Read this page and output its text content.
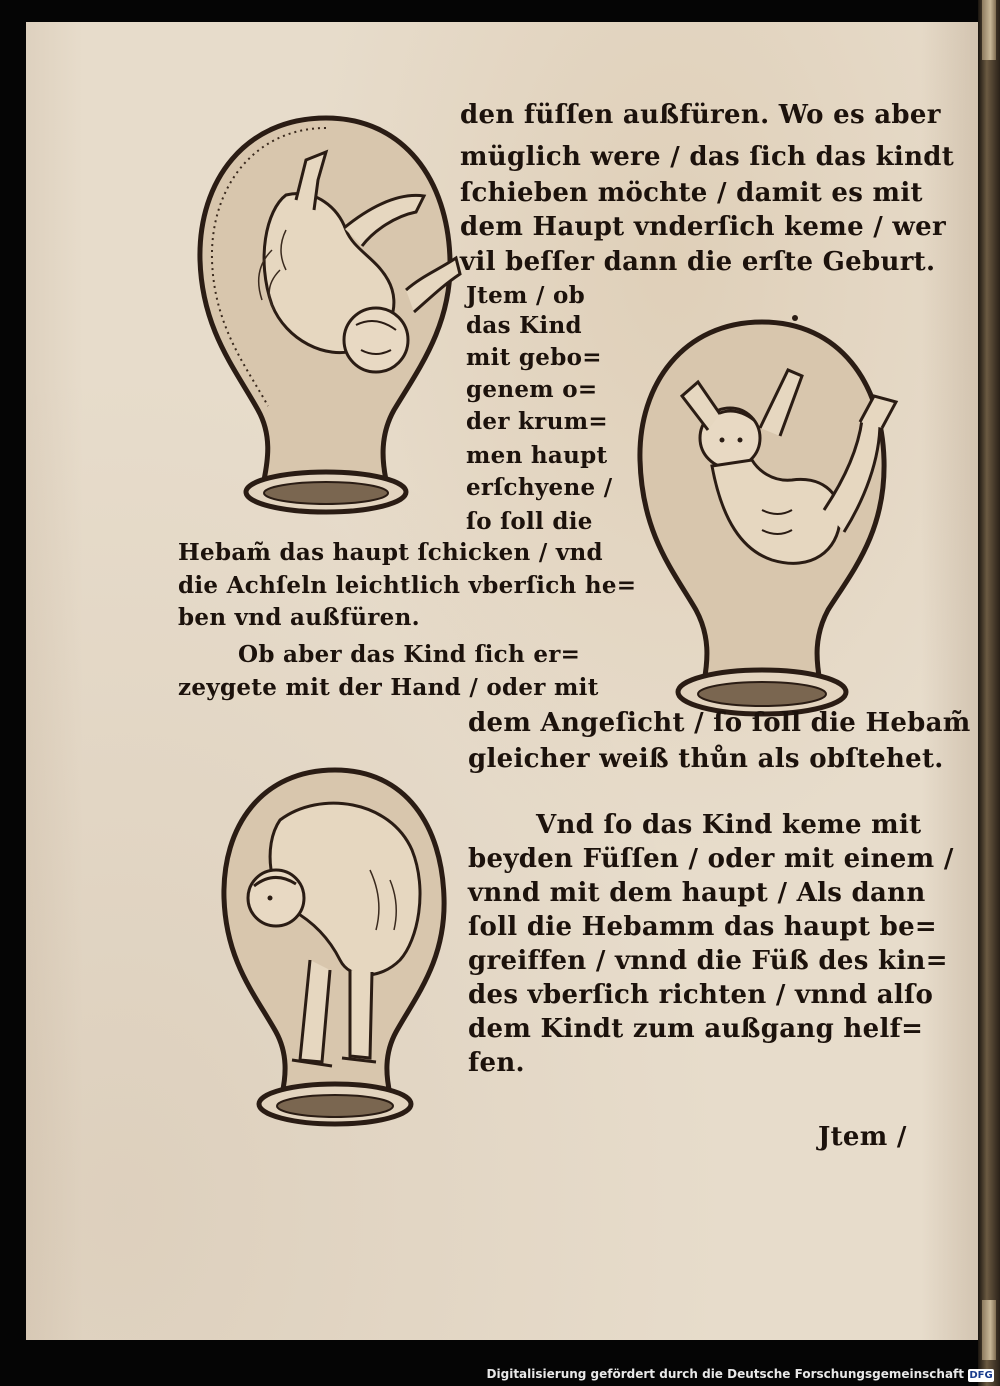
den füſſen außfüren. Wo es aber
müglich were / das ſich das kindt
ſchieben möchte / damit es mit
dem Haupt vnderſich keme / wer
vil beſſer dann die erſte Geburt.
Jtem / ob
das Kind
mit gebo=
genem o=
der krum=
men haupt
erſchyene /
ſo ſoll die
Hebam̃ das haupt ſchicken / vnd
die Achſeln leichtlich vberſich he=
ben vnd außfüren.
Ob aber das Kind ſich er=
zeygete mit der Hand / oder mit
dem Angeſicht / ſo ſoll die Hebam̃
gleicher weiß thůn als obſtehet.
Vnd ſo das Kind keme mit
beyden Füſſen / oder mit einem /
vnnd mit dem haupt / Als dann
ſoll die Hebamm das haupt be=
greiffen / vnnd die Füß des kin=
des vberſich richten / vnnd alſo
dem Kindt zum außgang helf=
fen.
Jtem /
Digitalisierung gefördert durch die Deutsche Forschungsgemeinschaft DFG
